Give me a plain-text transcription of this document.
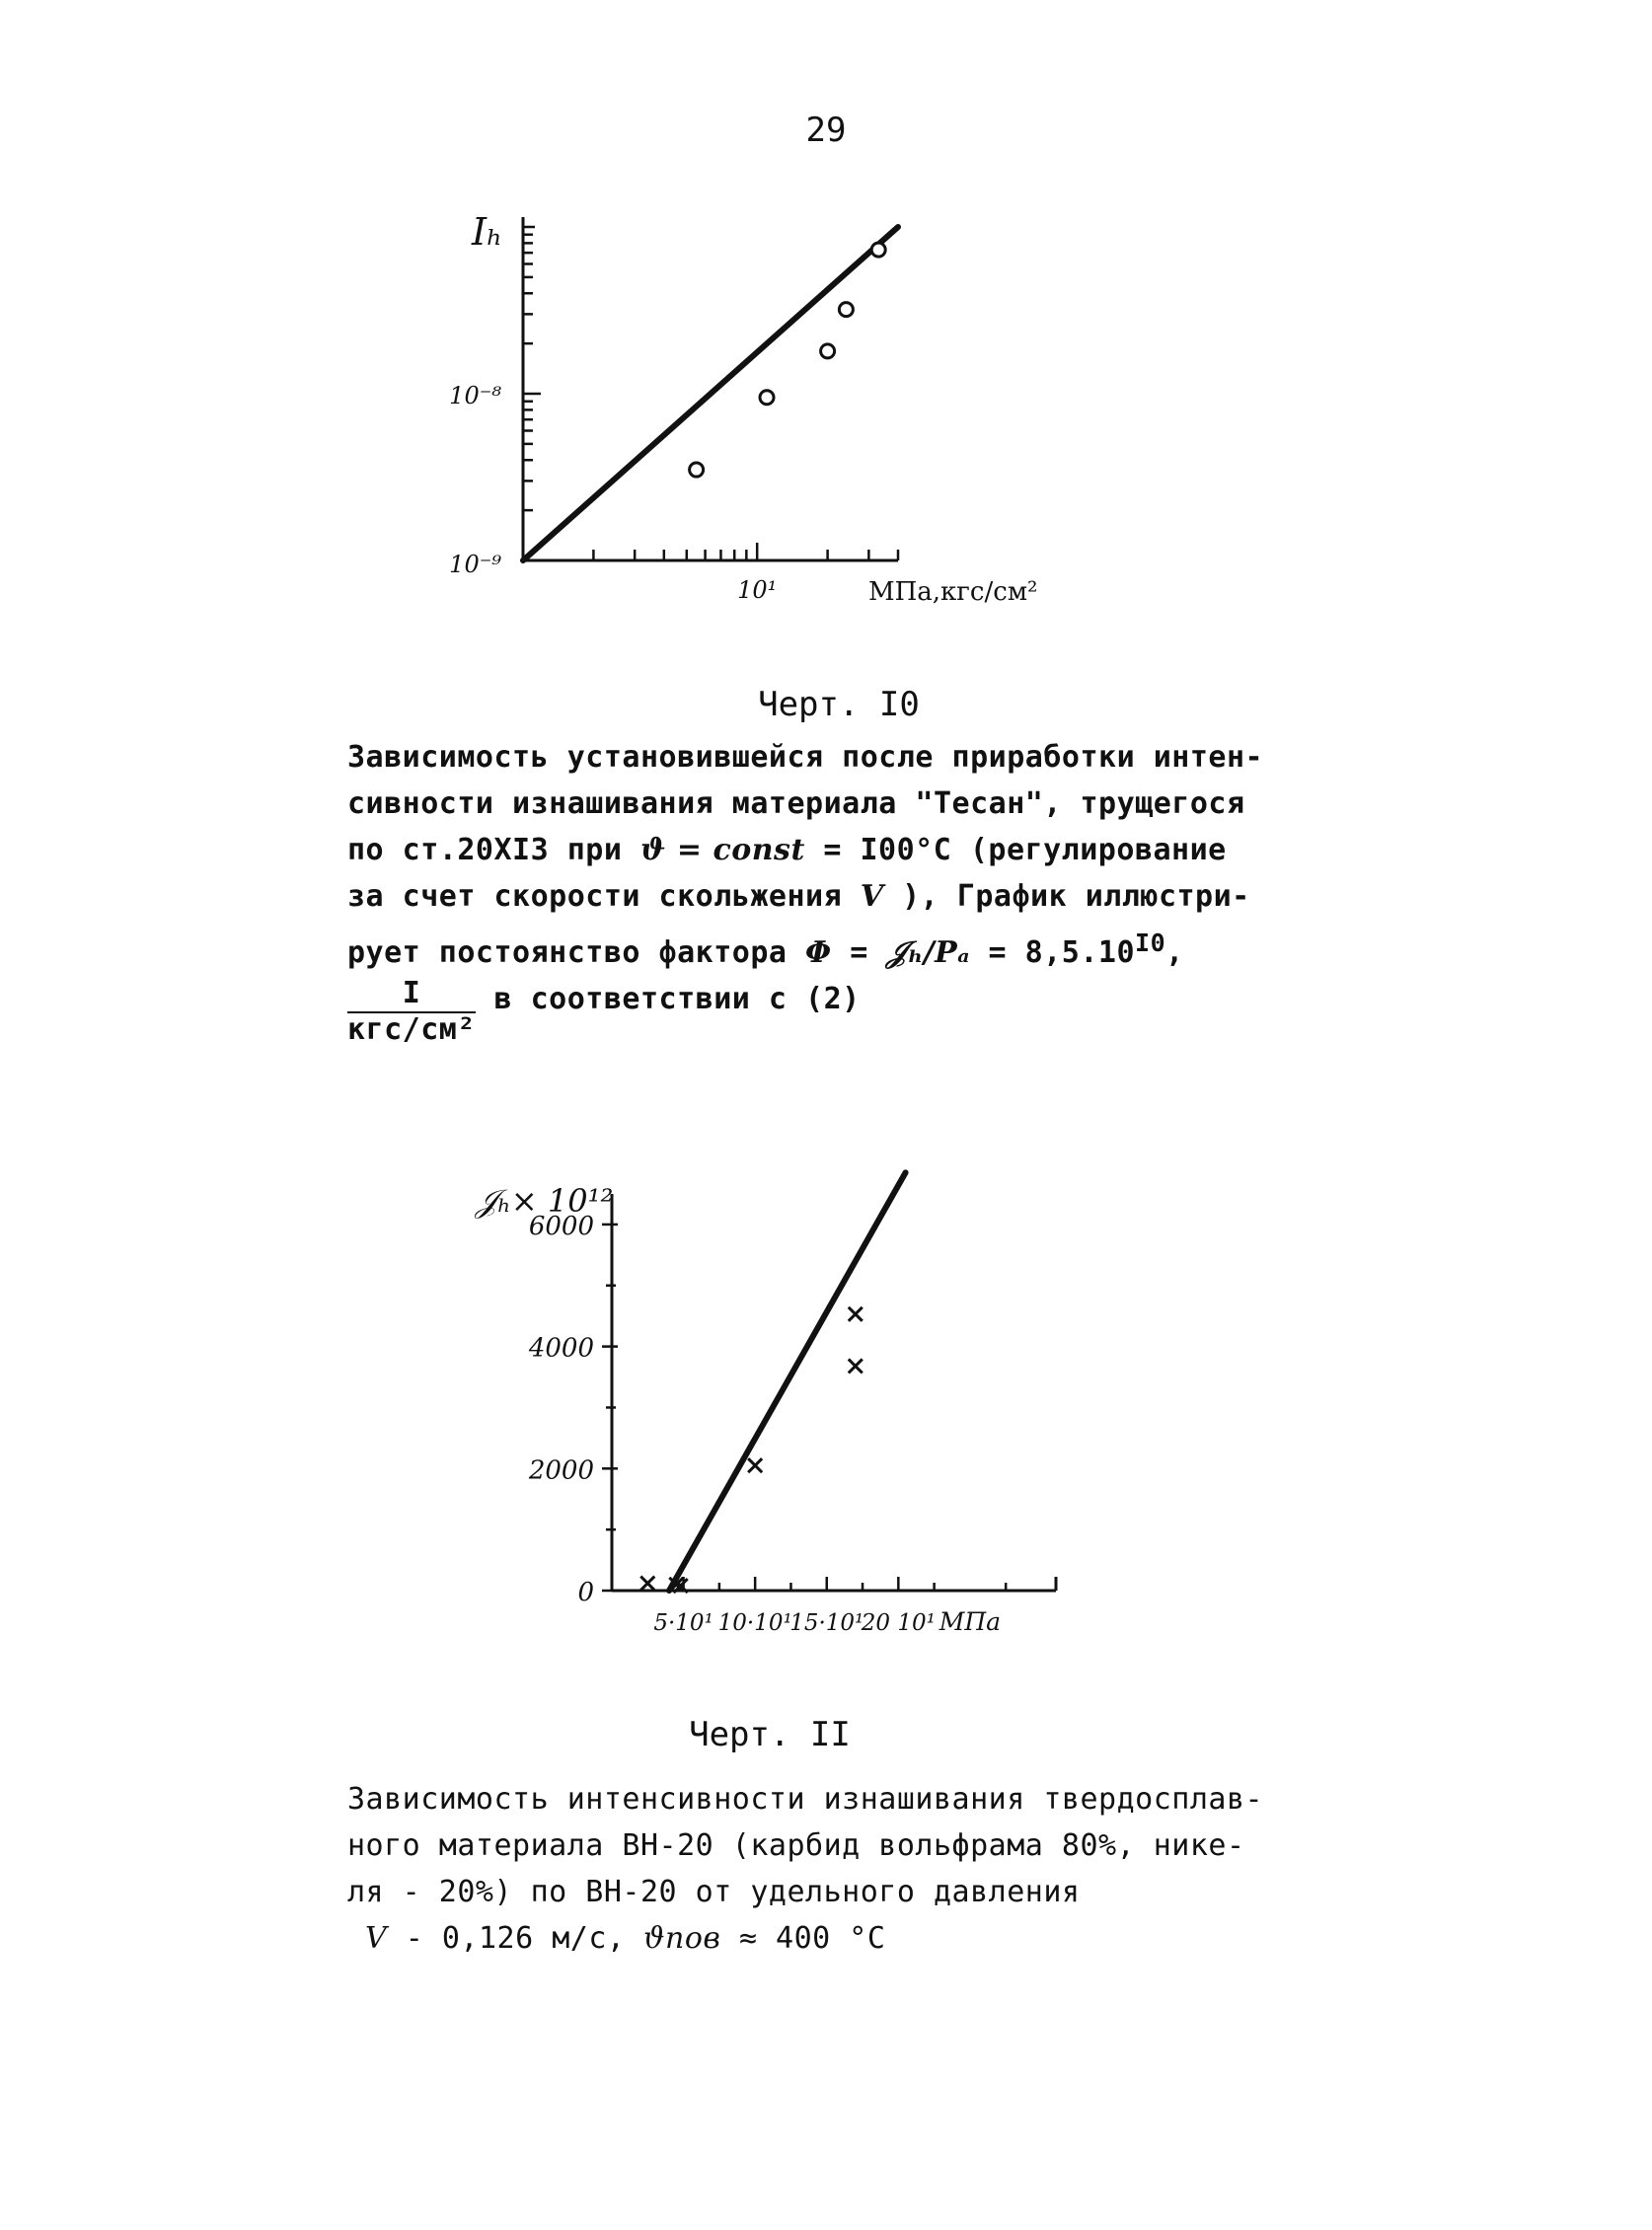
29
10⁻⁹
10⁻⁸
10¹
Iₕ
МПа,кгс/см²
Черт. I0
Зависимость установившейся после приработки интен-
сивности изнашивания материала "Тесан", трущегося
по ст.20ХI3 при ϑ = const = I00°С (регулирование
за счет скорости скольжения V ), График иллюстри-
рует постоянство фактора Φ = 𝒥ₕ/Pₐ = $8,5.10^{I0}$,
$\frac{I}{\text{кгс/см²}}$ в соответствии с (2)
0
2000
4000
6000
5·10¹ 10·10¹
15·10¹
20 10¹ МПа
𝒥ₕ× 10¹²
Черт. II
Зависимость интенсивности изнашивания твердосплав-
ного материала ВН-20 (карбид вольфрама 80%, нике-
ля - 20%) по ВН-20 от удельного давления
V - 0,126 м/с, ϑпов ≈ 400 °С
